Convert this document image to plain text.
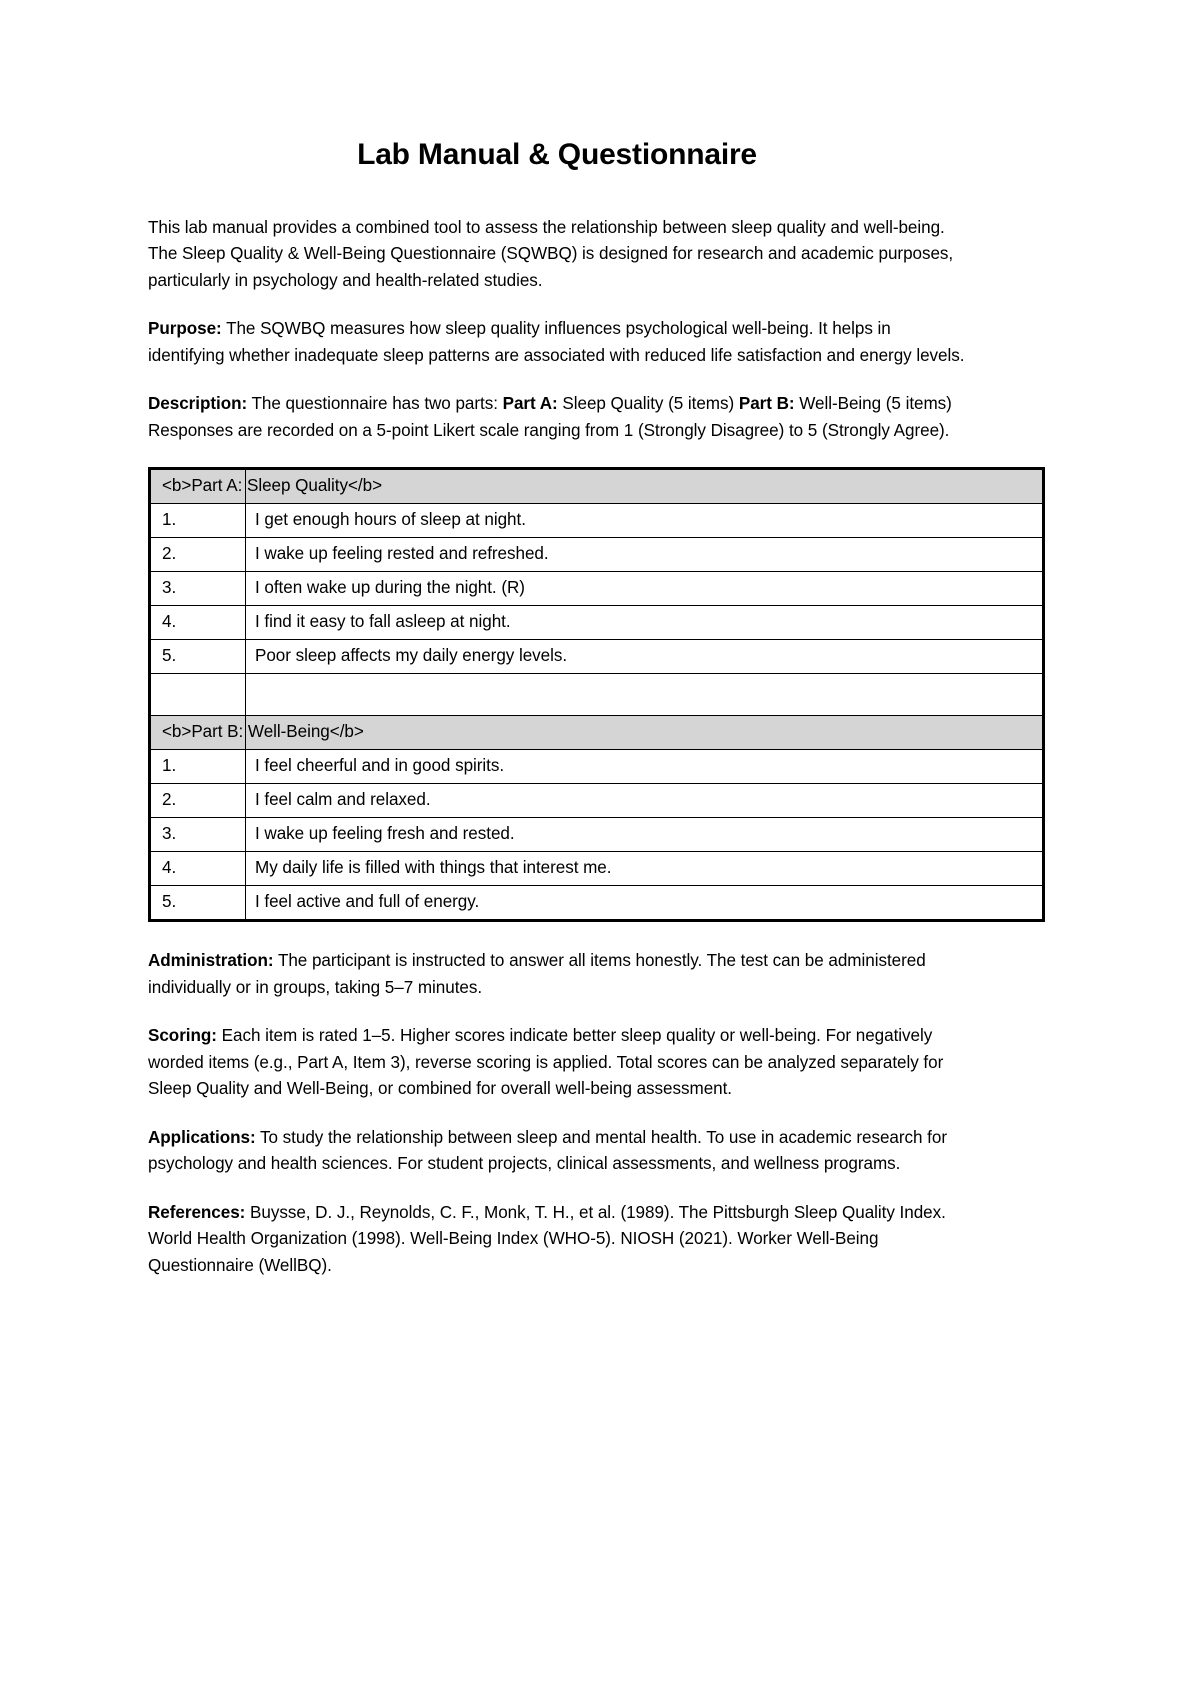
Lab Manual & Questionnaire

This lab manual provides a combined tool to assess the relationship between sleep quality and well-being. The Sleep Quality & Well-Being Questionnaire (SQWBQ) is designed for research and academic purposes, particularly in psychology and health-related studies.

Purpose: The SQWBQ measures how sleep quality influences psychological well-being. It helps in identifying whether inadequate sleep patterns are associated with reduced life satisfaction and energy levels.

Description: The questionnaire has two parts: Part A: Sleep Quality (5 items) Part B: Well-Being (5 items) Responses are recorded on a 5-point Likert scale ranging from 1 (Strongly Disagree) to 5 (Strongly Agree).

<b>Part A: Sleep Quality</b>	
1.	I get enough hours of sleep at night.
2.	I wake up feeling rested and refreshed.
3.	I often wake up during the night. (R)
4.	I find it easy to fall asleep at night.
5.	Poor sleep affects my daily energy levels.

<b>Part B: Well-Being</b>	
1.	I feel cheerful and in good spirits.
2.	I feel calm and relaxed.
3.	I wake up feeling fresh and rested.
4.	My daily life is filled with things that interest me.
5.	I feel active and full of energy.

Administration: The participant is instructed to answer all items honestly. The test can be administered individually or in groups, taking 5–7 minutes.

Scoring: Each item is rated 1–5. Higher scores indicate better sleep quality or well-being. For negatively worded items (e.g., Part A, Item 3), reverse scoring is applied. Total scores can be analyzed separately for Sleep Quality and Well-Being, or combined for overall well-being assessment.

Applications: To study the relationship between sleep and mental health. To use in academic research for psychology and health sciences. For student projects, clinical assessments, and wellness programs.

References: Buysse, D. J., Reynolds, C. F., Monk, T. H., et al. (1989). The Pittsburgh Sleep Quality Index. World Health Organization (1998). Well-Being Index (WHO-5). NIOSH (2021). Worker Well-Being Questionnaire (WellBQ).
